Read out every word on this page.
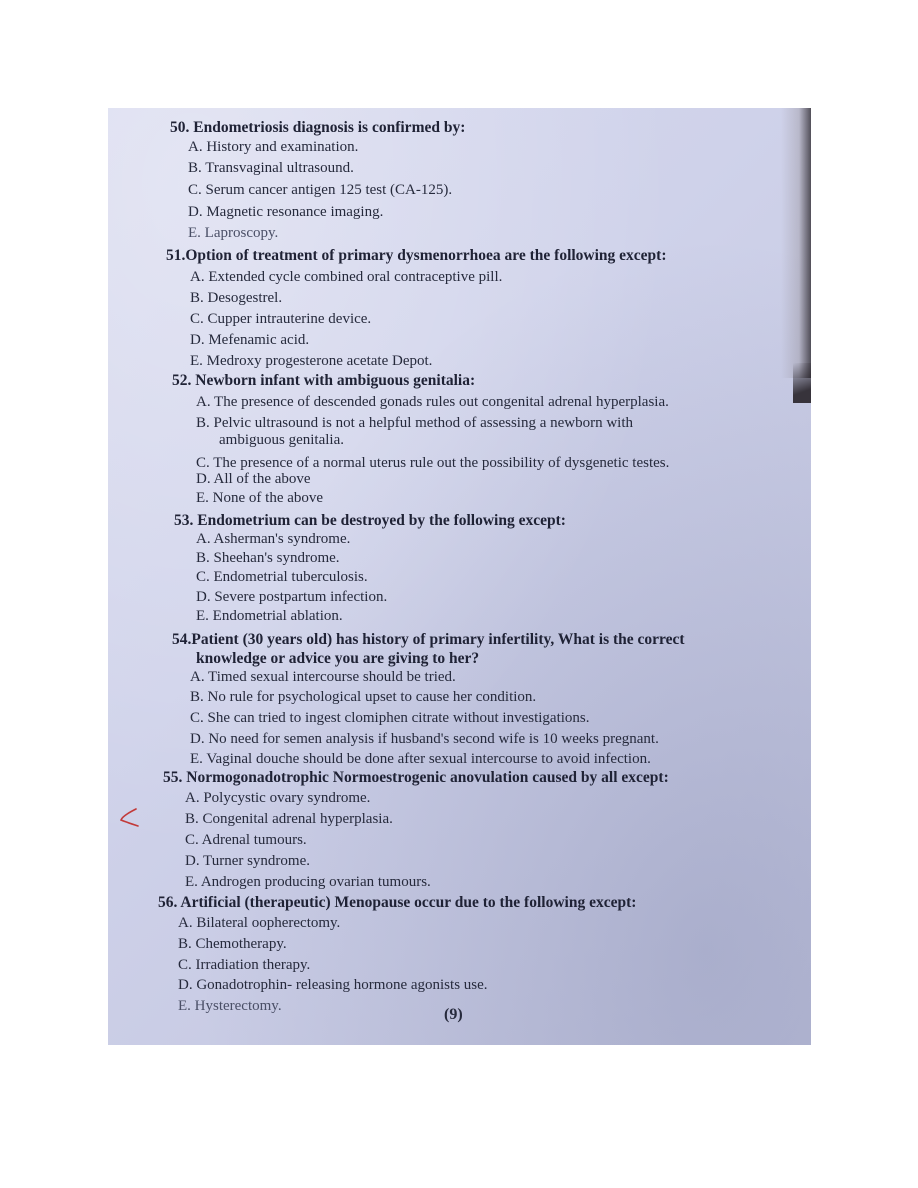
50. Endometriosis diagnosis is confirmed by:
A. History and examination.
B. Transvaginal ultrasound.
C. Serum cancer antigen 125 test (CA-125).
D. Magnetic resonance imaging.
E. Laproscopy.
51.Option of treatment of primary dysmenorrhoea are the following except:
A. Extended cycle combined oral contraceptive pill.
B. Desogestrel.
C. Cupper intrauterine device.
D. Mefenamic acid.
E. Medroxy progesterone acetate Depot.
52. Newborn infant with ambiguous genitalia:
A. The presence of descended gonads rules out congenital adrenal hyperplasia.
B. Pelvic ultrasound is not a helpful method of assessing a newborn with
ambiguous genitalia.
C. The presence of a normal uterus rule out the possibility of dysgenetic testes.
D. All of the above
E. None of the above
53. Endometrium can be destroyed by the following except:
A. Asherman's syndrome.
B. Sheehan's syndrome.
C. Endometrial tuberculosis.
D. Severe postpartum infection.
E. Endometrial ablation.
54.Patient (30 years old) has history of primary infertility, What is the correct
knowledge or advice you are giving to her?
A. Timed sexual intercourse should be tried.
B. No rule for psychological upset to cause her condition.
C. She can tried to ingest clomiphen citrate without investigations.
D. No need for semen analysis if husband's second wife is 10 weeks pregnant.
E. Vaginal douche should be done after sexual intercourse to avoid infection.
55. Normogonadotrophic Normoestrogenic anovulation caused by all except:
A. Polycystic ovary syndrome.
B. Congenital adrenal hyperplasia.
C. Adrenal tumours.
D. Turner syndrome.
E. Androgen producing ovarian tumours.
56. Artificial (therapeutic) Menopause occur due to the following except:
A. Bilateral oopherectomy.
B. Chemotherapy.
C. Irradiation therapy.
D. Gonadotrophin- releasing hormone agonists use.
E. Hysterectomy.	(9)
